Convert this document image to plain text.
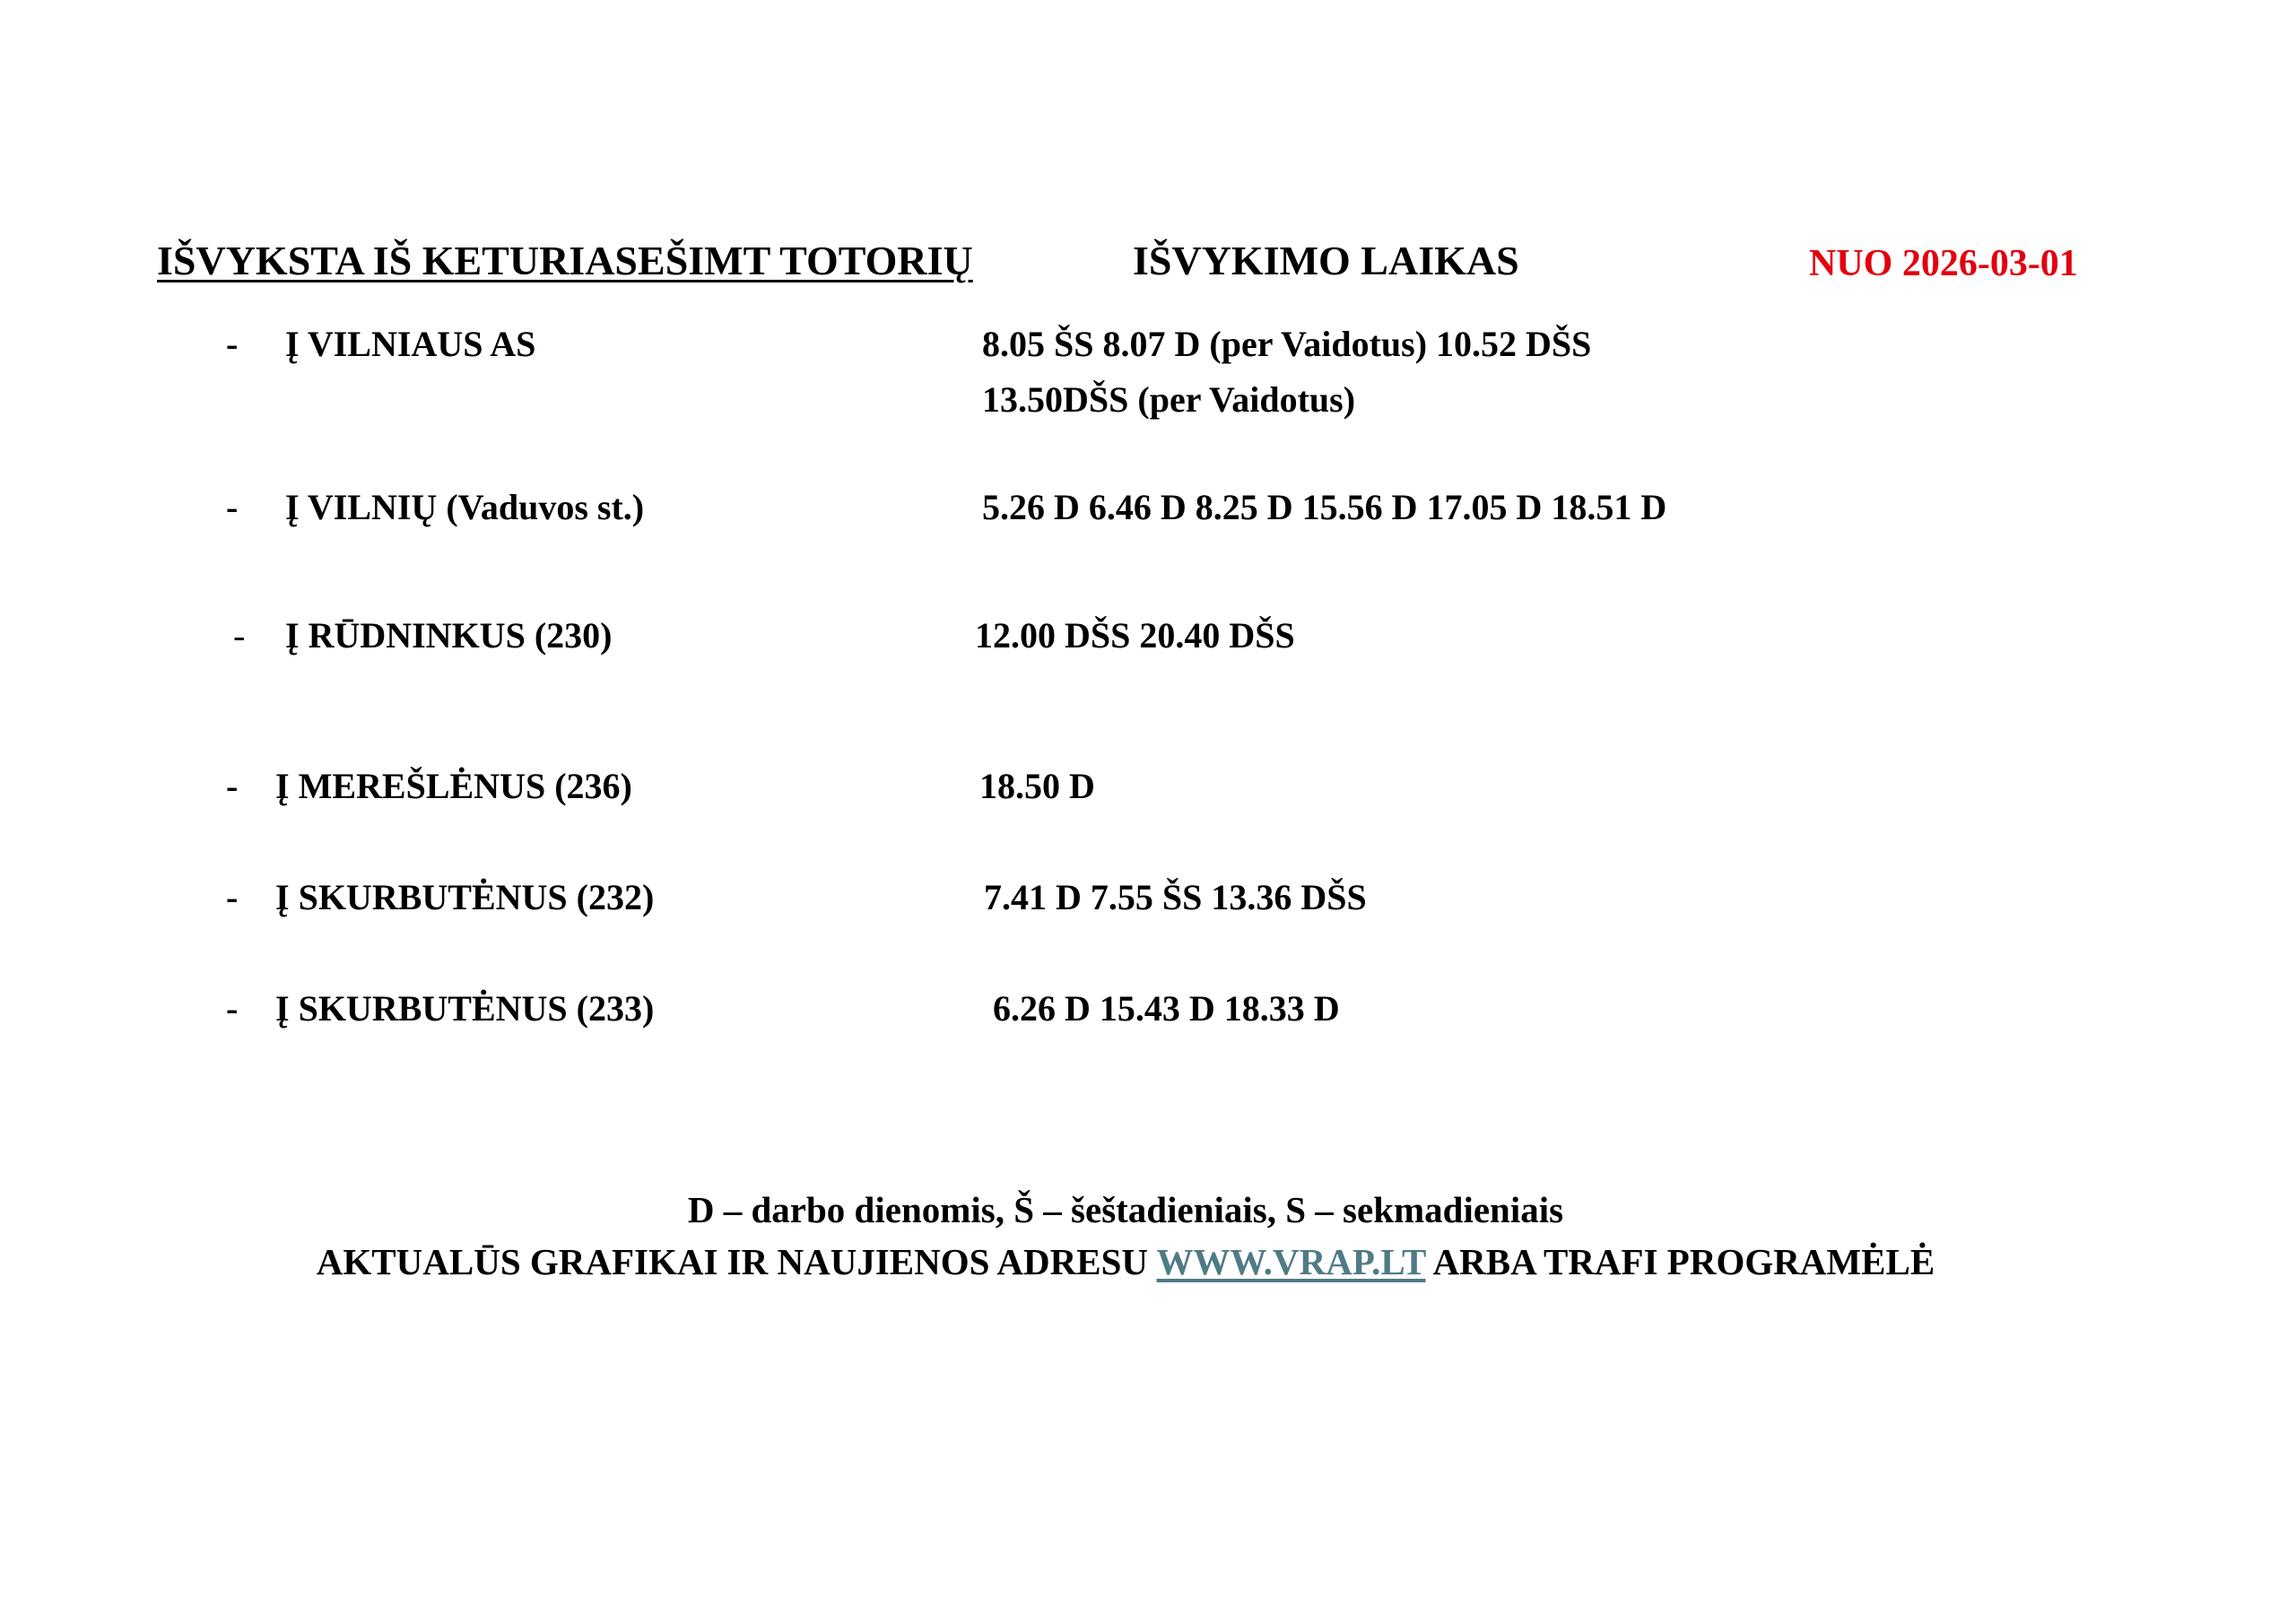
IŠVYKSTA IŠ KETURIASEŠIMT TOTORIŲ	IŠVYKIMO LAIKAS	NUO 2026-03-01
- Į VILNIAUS AS	8.05 ŠS 8.07 D (per Vaidotus) 10.52 DŠS
13.50DŠS (per Vaidotus)
- Į VILNIŲ (Vaduvos st.)	5.26 D 6.46 D 8.25 D 15.56 D 17.05 D 18.51 D
- Į RŪDNINKUS (230)	12.00 DŠS 20.40 DŠS
- Į MEREŠLĖNUS (236)	18.50 D
- Į SKURBUTĖNUS (232)	7.41 D 7.55 ŠS 13.36 DŠS
- Į SKURBUTĖNUS (233)	6.26 D 15.43 D 18.33 D
D – darbo dienomis, Š – šeštadieniais, S – sekmadieniais
AKTUALŪS GRAFIKAI IR NAUJIENOS ADRESU WWW.VRAP.LT ARBA TRAFI PROGRAMĖLĖ
